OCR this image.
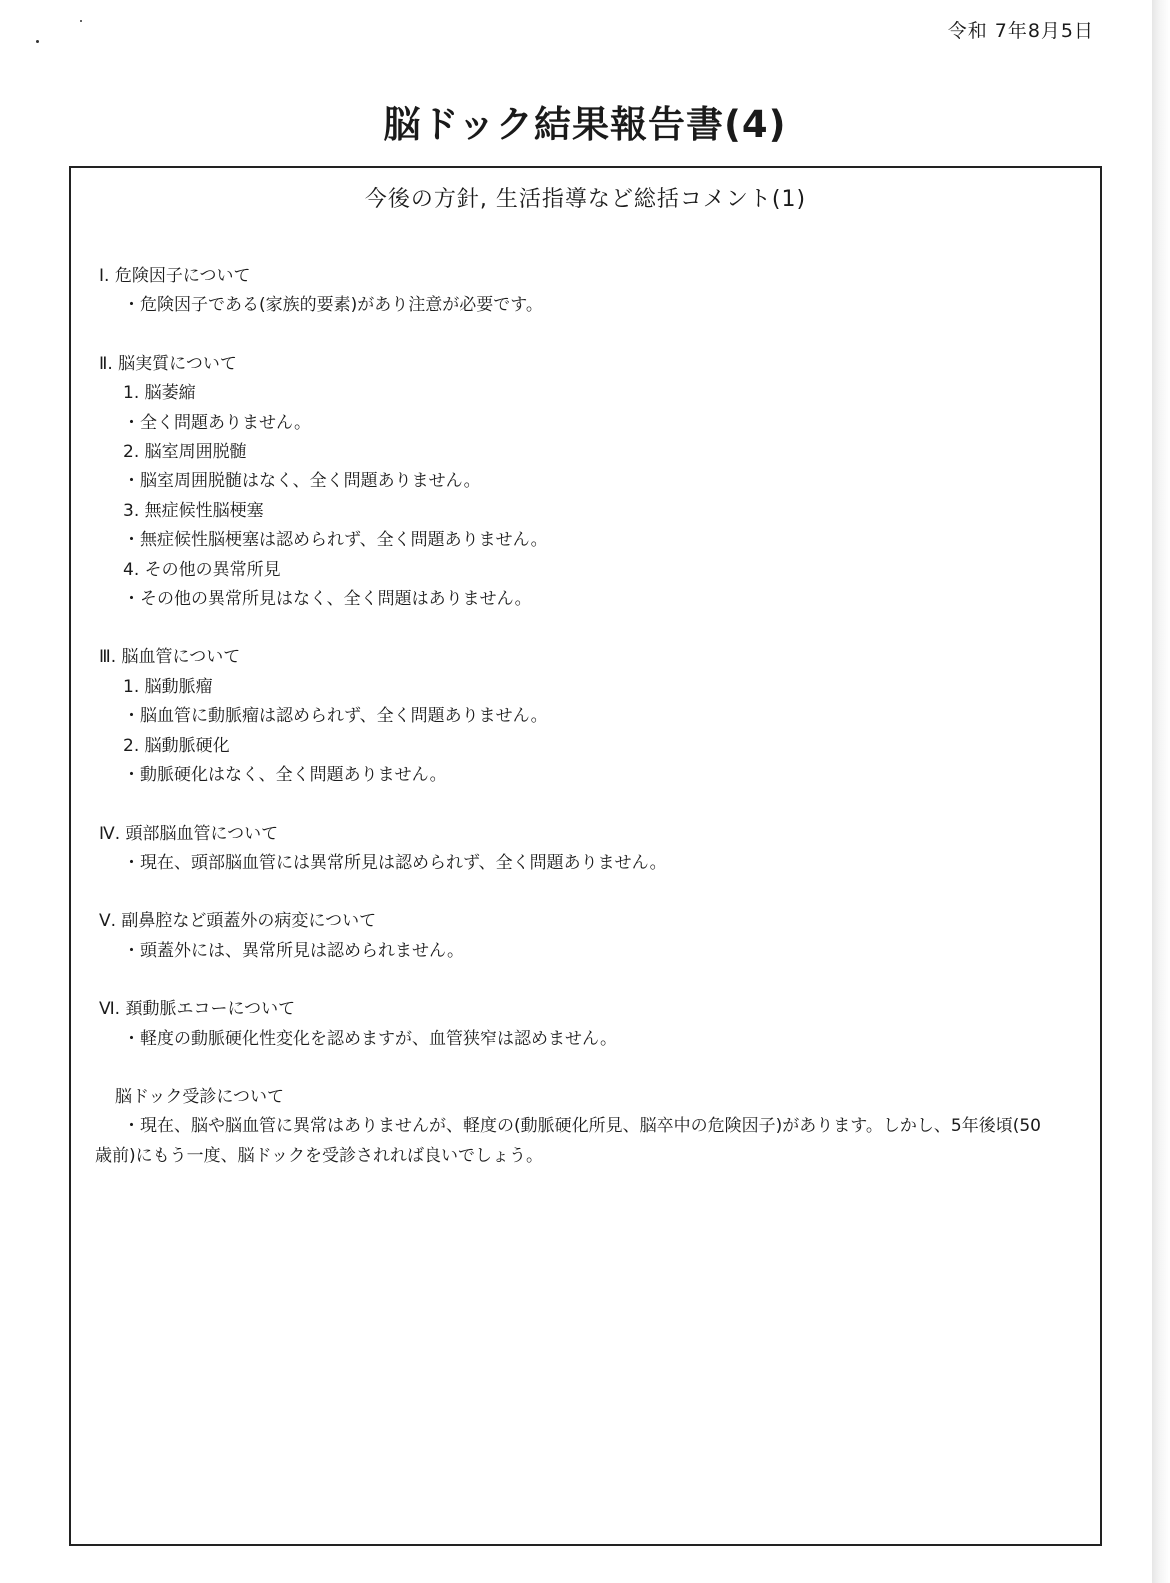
令和 7年8月5日
脳ドック結果報告書(4)
今後の方針, 生活指導など総括コメント(1)
Ⅰ. 危険因子について
・危険因子である(家族的要素)があり注意が必要です。
Ⅱ. 脳実質について
1. 脳萎縮
・全く問題ありません。
2. 脳室周囲脱髄
・脳室周囲脱髄はなく、全く問題ありません。
3. 無症候性脳梗塞
・無症候性脳梗塞は認められず、全く問題ありません。
4. その他の異常所見
・その他の異常所見はなく、全く問題はありません。
Ⅲ. 脳血管について
1. 脳動脈瘤
・脳血管に動脈瘤は認められず、全く問題ありません。
2. 脳動脈硬化
・動脈硬化はなく、全く問題ありません。
Ⅳ. 頭部脳血管について
・現在、頭部脳血管には異常所見は認められず、全く問題ありません。
Ⅴ. 副鼻腔など頭蓋外の病変について
・頭蓋外には、異常所見は認められません。
Ⅵ. 頚動脈エコーについて
・軽度の動脈硬化性変化を認めますが、血管狭窄は認めません。
脳ドック受診について
・現在、脳や脳血管に異常はありませんが、軽度の(動脈硬化所見、脳卒中の危険因子)があります。しかし、5年後頃(50歳前)にもう一度、脳ドックを受診されれば良いでしょう。
